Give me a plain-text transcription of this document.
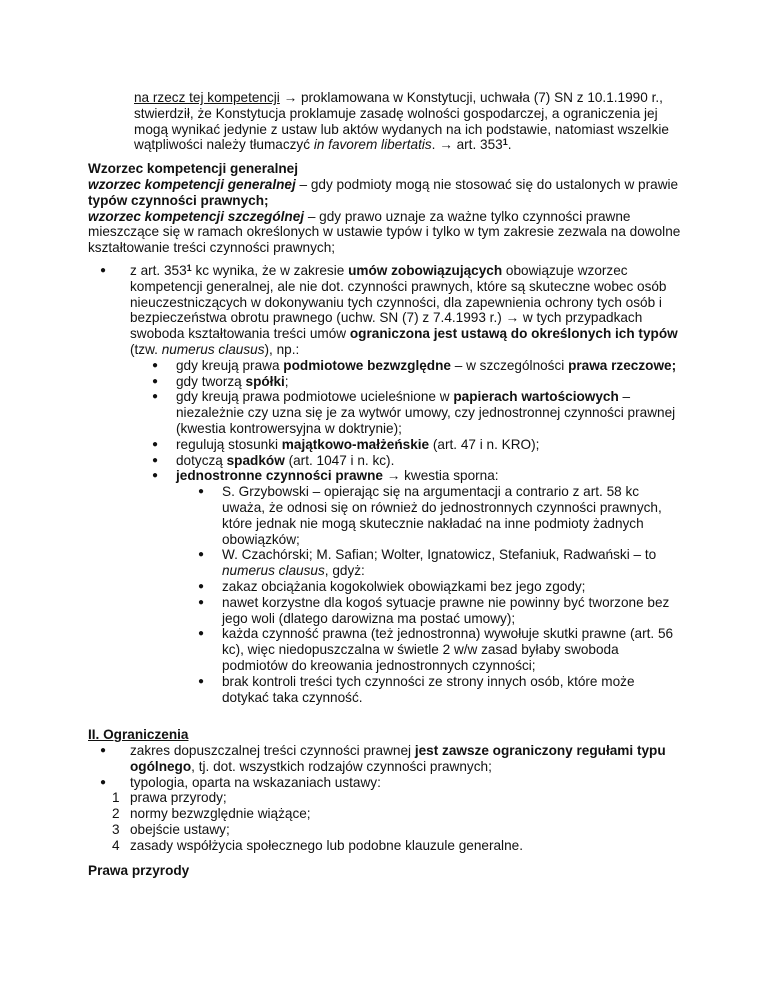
na rzecz tej kompetencji → proklamowana w Konstytucji, uchwała (7) SN z 10.1.1990 r., stwierdził, że Konstytucja proklamuje zasadę wolności gospodarczej, a ograniczenia jej mogą wynikać jedynie z ustaw lub aktów wydanych na ich podstawie, natomiast wszelkie wątpliwości należy tłumaczyć in favorem libertatis. → art. $353^1$.

Wzorzec kompetencji generalnej

wzorzec kompetencji generalnej – gdy podmioty mogą nie stosować się do ustalonych w prawie typów czynności prawnych;
wzorzec kompetencji szczególnej – gdy prawo uznaje za ważne tylko czynności prawne mieszczące się w ramach określonych w ustawie typów i tylko w tym zakresie zezwala na dowolne kształtowanie treści czynności prawnych;

● z art. $353^1$ kc wynika, że w zakresie umów zobowiązujących obowiązuje wzorzec kompetencji generalnej, ale nie dot. czynności prawnych, które są skuteczne wobec osób nieuczestniczących w dokonywaniu tych czynności, dla zapewnienia ochrony tych osób i bezpieczeństwa obrotu prawnego (uchw. SN (7) z 7.4.1993 r.) → w tych przypadkach swoboda kształtowania treści umów ograniczona jest ustawą do określonych ich typów (tzw. numerus clausus), np.:
● gdy kreują prawa podmiotowe bezwzględne – w szczególności prawa rzeczowe;
● gdy tworzą spółki;
● gdy kreują prawa podmiotowe ucieleśnione w papierach wartościowych – niezależnie czy uzna się je za wytwór umowy, czy jednostronnej czynności prawnej (kwestia kontrowersyjna w doktrynie);
● regulują stosunki majątkowo-małżeńskie (art. 47 i n. KRO);
● dotyczą spadków (art. 1047 i n. kc).
● jednostronne czynności prawne → kwestia sporna:
● S. Grzybowski – opierając się na argumentacji a contrario z art. 58 kc uważa, że odnosi się on również do jednostronnych czynności prawnych, które jednak nie mogą skutecznie nakładać na inne podmioty żadnych obowiązków;
● W. Czachórski; M. Safian; Wolter, Ignatowicz, Stefaniuk, Radwański – to numerus clausus, gdyż:
● zakaz obciążania kogokolwiek obowiązkami bez jego zgody;
● nawet korzystne dla kogoś sytuacje prawne nie powinny być tworzone bez jego woli (dlatego darowizna ma postać umowy);
● każda czynność prawna (też jednostronna) wywołuje skutki prawne (art. 56 kc), więc niedopuszczalna w świetle 2 w/w zasad byłaby swoboda podmiotów do kreowania jednostronnych czynności;
● brak kontroli treści tych czynności ze strony innych osób, które może dotykać taka czynność.

II. Ograniczenia

● zakres dopuszczalnej treści czynności prawnej jest zawsze ograniczony regułami typu ogólnego, tj. dot. wszystkich rodzajów czynności prawnych;
● typologia, oparta na wskazaniach ustawy:
1 prawa przyrody;
2 normy bezwzględnie wiążące;
3 obejście ustawy;
4 zasady współżycia społecznego lub podobne klauzule generalne.

Prawa przyrody
